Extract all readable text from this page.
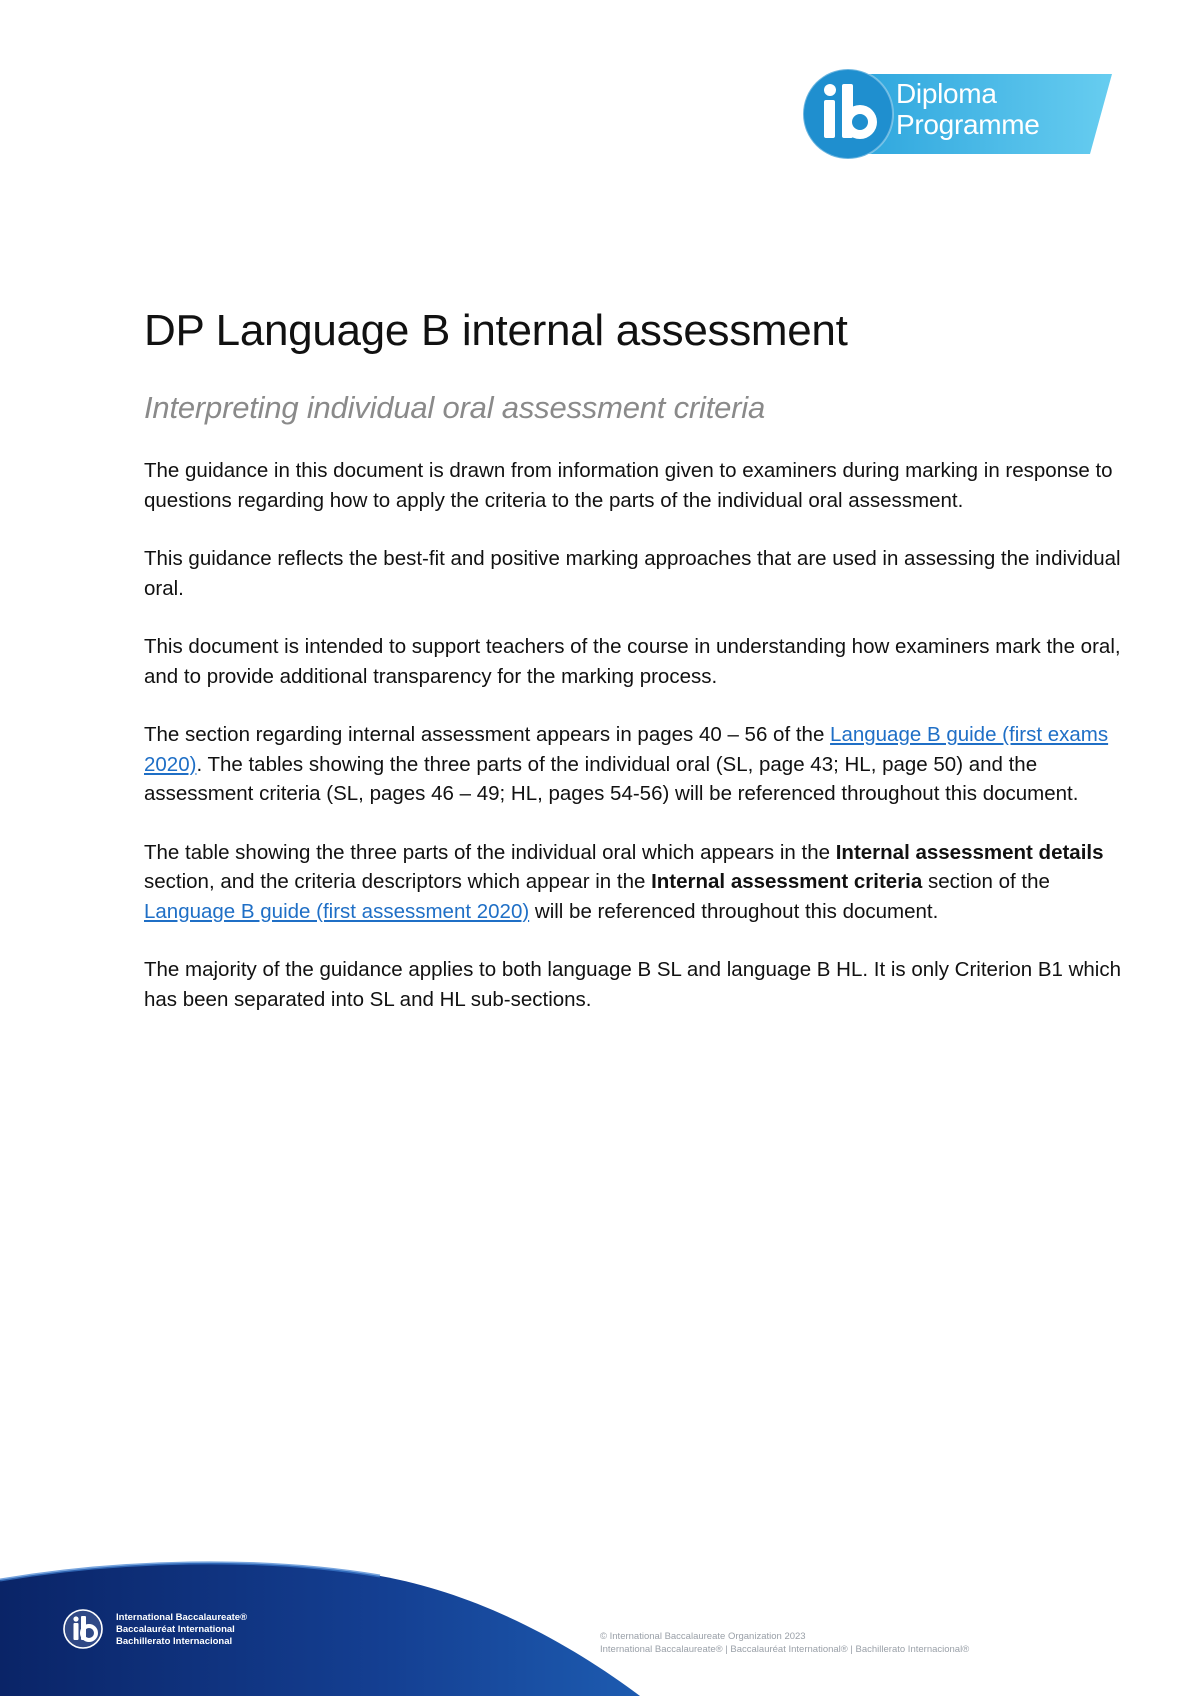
Diploma
Programme
DP Language B internal assessment
Interpreting individual oral assessment criteria

The guidance in this document is drawn from information given to examiners during marking in response to questions regarding how to apply the criteria to the parts of the individual oral assessment.

This guidance reflects the best-fit and positive marking approaches that are used in assessing the individual oral.

This document is intended to support teachers of the course in understanding how examiners mark the oral, and to provide additional transparency for the marking process.

The section regarding internal assessment appears in pages 40 – 56 of the Language B guide (first exams 2020). The tables showing the three parts of the individual oral (SL, page 43; HL, page 50) and the assessment criteria (SL, pages 46 – 49; HL, pages 54-56) will be referenced throughout this document.

The table showing the three parts of the individual oral which appears in the Internal assessment details section, and the criteria descriptors which appear in the Internal assessment criteria section of the Language B guide (first assessment 2020) will be referenced throughout this document.

The majority of the guidance applies to both language B SL and language B HL. It is only Criterion B1 which has been separated into SL and HL sub-sections.

International Baccalaureate®
Baccalauréat International
Bachillerato Internacional	© International Baccalaureate Organization 2023
International Baccalaureate® | Baccalauréat International® | Bachillerato Internacional®
